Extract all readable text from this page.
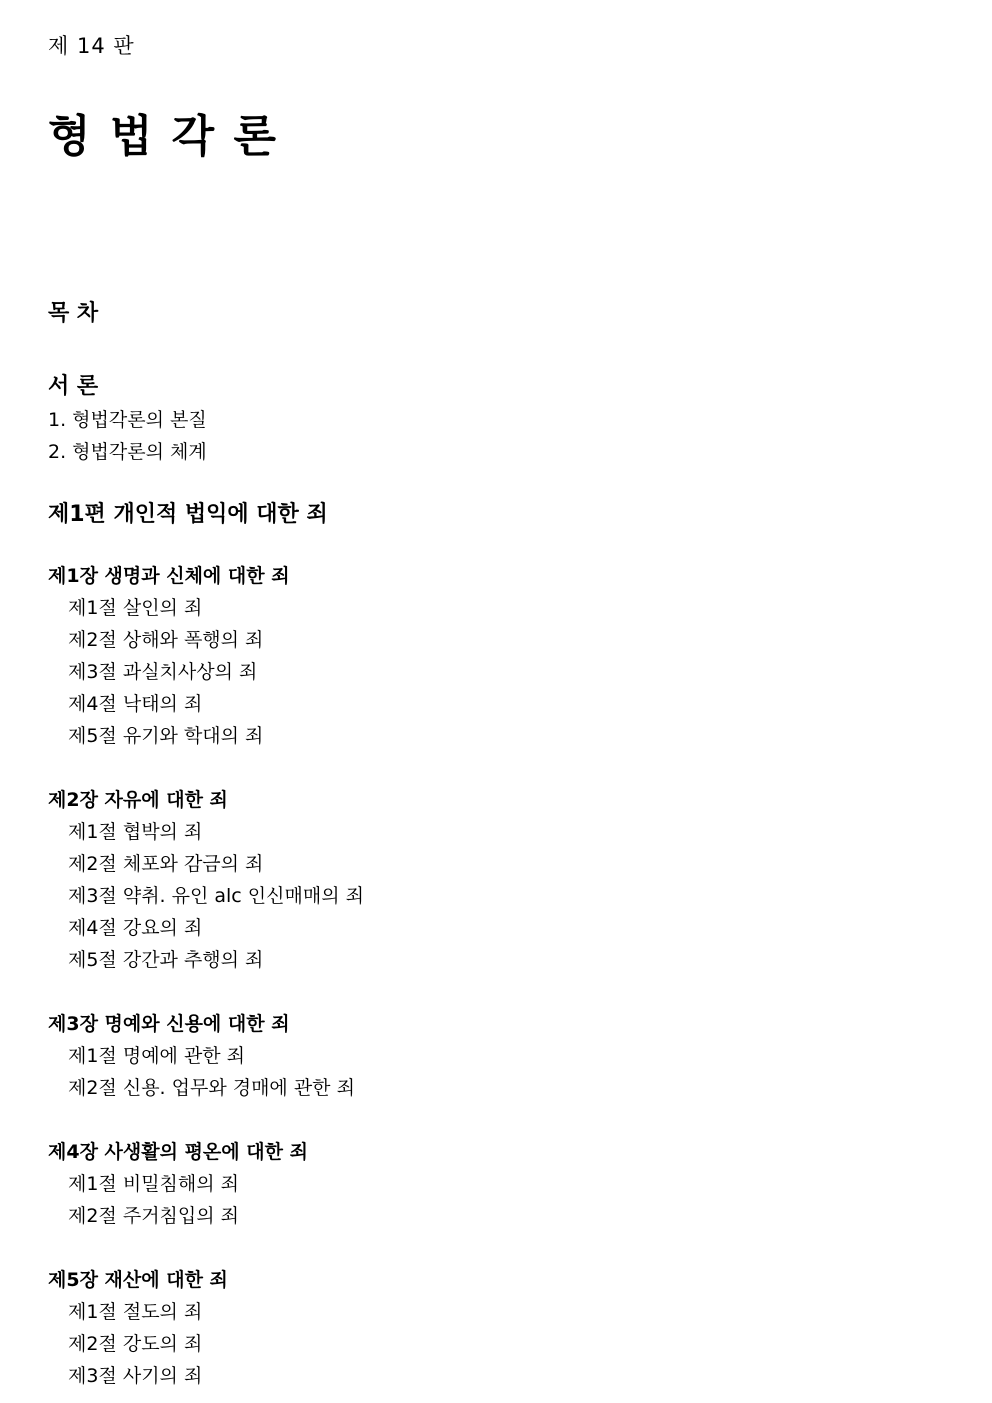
제 14 판
형 법 각 론
목 차
서 론
1. 형법각론의 본질
2. 형법각론의 체계
제1편 개인적 법익에 대한 죄
제1장 생명과 신체에 대한 죄
제1절 살인의 죄
제2절 상해와 폭행의 죄
제3절 과실치사상의 죄
제4절 낙태의 죄
제5절 유기와 학대의 죄
제2장 자유에 대한 죄
제1절 협박의 죄
제2절 체포와 감금의 죄
제3절 약취. 유인 alc 인신매매의 죄
제4절 강요의 죄
제5절 강간과 추행의 죄
제3장 명예와 신용에 대한 죄
제1절 명예에 관한 죄
제2절 신용. 업무와 경매에 관한 죄
제4장 사생활의 평온에 대한 죄
제1절 비밀침해의 죄
제2절 주거침입의 죄
제5장 재산에 대한 죄
제1절 절도의 죄
제2절 강도의 죄
제3절 사기의 죄
